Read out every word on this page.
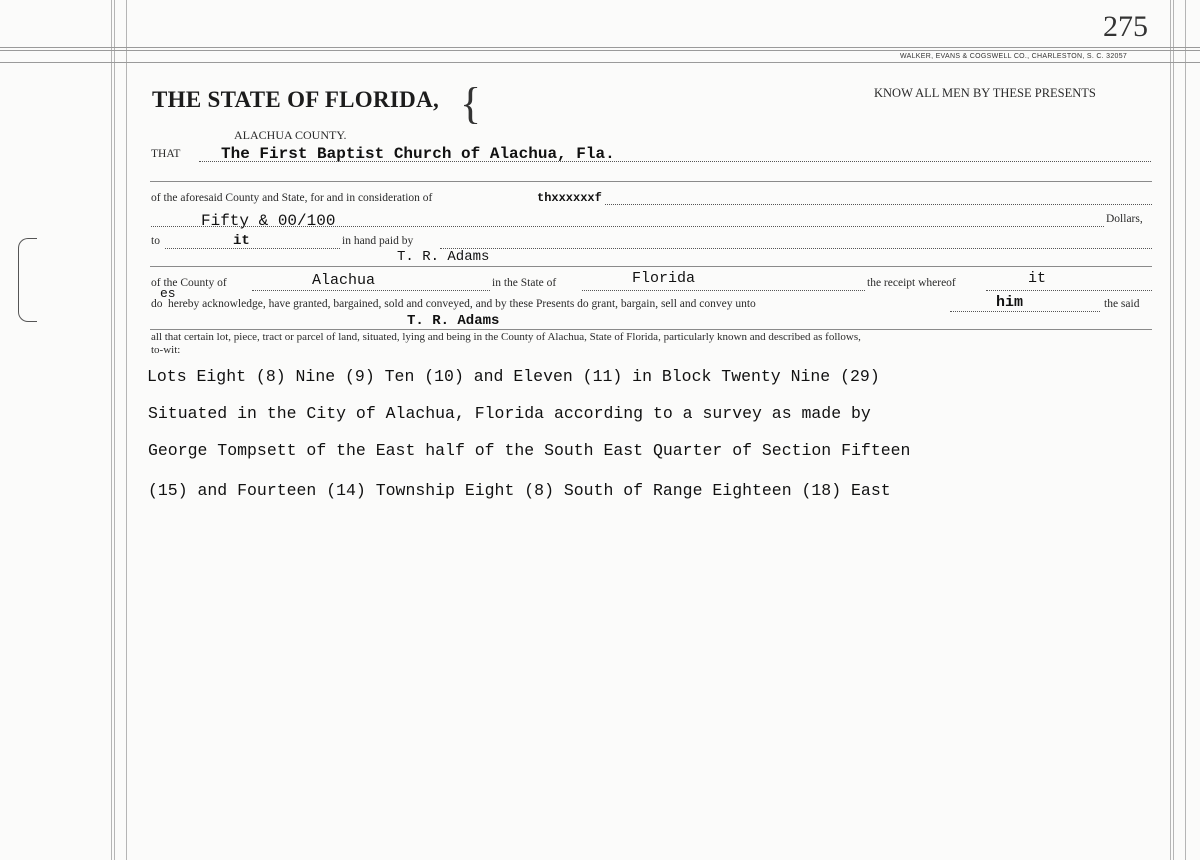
275
WALKER, EVANS & COGSWELL CO., CHARLESTON, S. C. 32057
THE STATE OF FLORIDA, {	KNOW ALL MEN BY THESE PRESENTS
ALACHUA COUNTY.
THAT	The First Baptist Church of Alachua, Fla.
of the aforesaid County and State, for and in consideration of	thxxxxxxf
Fifty & 00/100	Dollars,
to	it	in hand paid by
T. R. Adams
of the County of	Alachua	in the State of	Florida	the receipt whereof	it
es
do hereby acknowledge, have granted, bargained, sold and conveyed, and by these Presents do grant, bargain, sell and convey unto	him	the said
T. R. Adams
all that certain lot, piece, tract or parcel of land, situated, lying and being in the County of Alachua, State of Florida, particularly known and described as follows,
to-wit:
Lots Eight (8) Nine (9) Ten (10) and Eleven (11) in Block Twenty Nine (29)
Situated in the City of Alachua, Florida according to a survey as made by
George Tompsett of the East half of the South East Quarter of Section Fifteen
(15) and Fourteen (14) Township Eight (8) South of Range Eighteen (18) East
